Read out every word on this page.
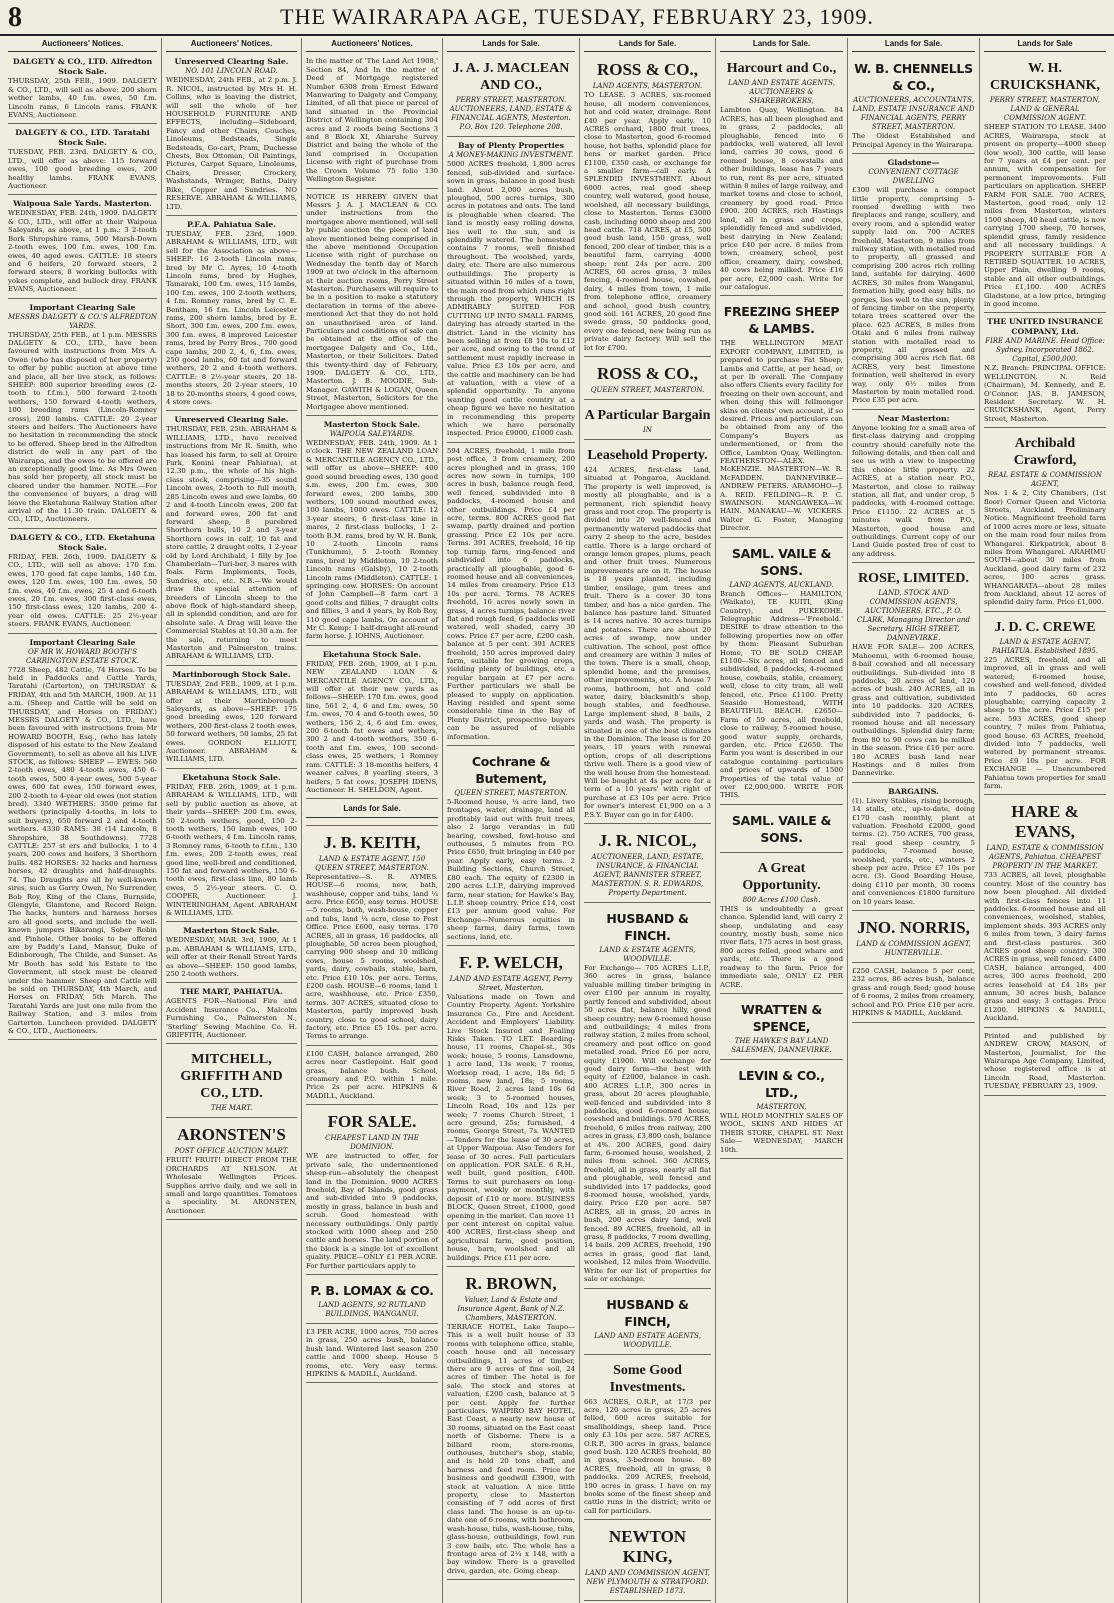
8	THE WAIRARAPA AGE, TUESDAY, FEBRUARY 23, 1909.
Auctioneers' Notices.
DALGETY & CO., LTD. Alfredton Stock Sale.
THURSDAY, 25th FEB., 1909. DALGETY & CO., LTD., will sell as above: 200 shorn wether lambs, 40 f.m. ewes, 50 f.m. Lincoln rams, 6 Lincoln rams. FRANK EVANS, Auctioneer.
DALGETY & CO., LTD. Taratahi Stock Sale.
TUESDAY, FEB. 23rd. DALGETY & CO., LTD., will offer as above: 115 forward ewes, 100 good breeding ewes, 200 healthy lambs. FRANK EVANS, Auctioneer.
Waipoua Sale Yards. Masterton.
WEDNESDAY, FEB. 24th, 1909. DALGETY & CO., LTD., will offer at their Waipoua Saleyards, as above, at 1 p.m.: 3 2-tooth Bork Shropshire rams, 500 Marsh-Down 2-tooth ewes, 100 f.m. ewes, 100 f.m. ewes, 40 aged ewes. CATTLE: 18 steers and 6 heifers, 20 forward steers, 2 forward steers, 8 working bullocks with yokes complete, and bullock dray. FRANK EVANS, Auctioneer.
Important Clearing Sale
MESSRS DALGETY & CO.'S ALFREDTON YARDS.
THURSDAY, 25th FEB., at 1 p.m. MESSRS DALGETY & CO., LTD., have been favoured with instructions from Mrs A. Owen (who has disposed of her property) to offer by public auction at above time and place, all her live stock, as follows: SHEEP: 800 superior breeding ewes (2-tooth to f.f.m.), 500 forward 2-tooth wethers, 150 forward 4-tooth wethers, 100 breeding rams (Lincoln-Romney cross), 200 lambs. CATTLE: 20 2-year steers and heifers. The Auctioneers have no hesitation in recommending the stock to be offered. Sheep bred in the Alfredton district do well in any part of the Wairarapa, and the ewes to be offered are an exceptionally good line. As Mrs Owen has sold her property, all stock must be cleared under the hammer. NOTE.—For the convenience of buyers, a drag will leave the Eketahuna Railway Station after arrival of the 11.30 train. DALGETY & CO., LTD., Auctioneers.
DALGETY & CO., LTD. Eketahuna Stock Sale.
FRIDAY, FEB. 26th, 1909. DALGETY & CO., LTD., will sell as above: 170 f.m. ewes, 170 good fat cape lambs, 140 f.m. ewes, 120 f.m. ewes, 100 f.m. ewes, 50 f.m. ewes, 40 f.m. ewes, 25 4 and 6-tooth ewes, 20 f.m. ewes, 300 first-class ewes, 150 first-class ewes, 120 lambs, 200 4-year old ewes. CATTLE: 25 2½-year steers. FRANK EVANS, Auctioneer.
Important Clearing Sale
OF MR W. HOWARD BOOTH'S CARRINGTON ESTATE STOCK.
7728 Sheep, 482 Cattle, 74 Horses. To be held in Paddocks and Cattle Yards, Taratahi (Carterton), on THURSDAY & FRIDAY, 4th and 5th MARCH, 1909. At 11 a.m. (Sheep and Cattle will be sold on THURSDAY, and Horses on FRIDAY.) MESSRS DALGETY & CO., LTD., have been favoured with instructions from Mr HOWARD BOOTH, Esq., (who has lately disposed of his estate to the New Zealand Government), to sell as above all his LIVE STOCK, as follows: SHEEP — EWES: 560 2-tooth ewes, 480 4-tooth ewes, 450 6-tooth ewes, 500 4-year ewes, 500 5-year ewes, 600 fat ewes, 150 forward ewes, 200 2-tooth to 4-year old ewes (not station bred). 3340 WETHERS: 3500 prime fat wethers (principally 4-tooths, in lots to suit buyers), 650 forward 2 and 4-tooth wethers. 4330 RAMS: 38 (14 Lincoln, 8 Shropshire, 38 Southdowns). 7728 CATTLE: 257 st ers and bullocks, 1 to 4 years, 200 cows and heifers, 3 Shorthorn bulls. 482 HORSES: 32 hacks and harness horses, 42 draughts and half-draughts. 74. The Draughts are all by well-known sires, such as Garry Owen, No Surrender, Bob Roy, King of the Clans, Burnside, Glengyle, Glamtone, and Record Reign. The hacks, hunters and harness horses are all good sorts, and include the well-known jumpers Bikarangi, Sober Robin and Pinhole. Other books to be offered are by Paddy's Land, Mansur, Duke of Edinborough, The Childe, and Sunset. As Mr Booth has sold his Estate to the Government, all stock must be cleared under the hammer. Sheep and Cattle will be sold on THURSDAY, 4th March, and Horses on FRIDAY, 5th March. The Taratahi Yards are just one mile from the Railway Station, and 3 miles from Carterton. Luncheon provided. DALGETY & CO., LTD., Auctioneers.
Auctioneers' Notices.
Unreserved Clearing Sale.
NO. 101 LINCOLN ROAD.
WEDNESDAY, 24th FEB., at 2 p.m. J. R. NICOL, instructed by Mrs H. H. Collins, who is leaving the district, will sell the whole of her HOUSEHOLD FURNITURE AND EFFECTS, including—Sideboard, Fancy and other Chairs, Couches, Linoleums, Bedsteads, Single Bedsteads, Go-cart, Pram, Duchesse Chests, Box Ottoman, Oil Paintings, Pictures, Carpet Square, Linoleums, Chairs, Dresser, Crockery, Washstands, Wringer, Baths, Dairy Bike, Copper and Sundries. NO RESERVE. ABRAHAM & WILLIAMS, LTD.
P.F.A. Pahiatua Sale.
TUESDAY, FEB. 23rd, 1909. ABRAHAM & WILLIAMS, LTD., will sell for the Association as above—SHEEP: 16 2-tooth Lincoln rams, bred by Mr C. Ayres, 10 4-tooth Lincoln rams, bred by Hughes, Tamaraki, 100 f.m. ewes, 115 lambs, 100 f.m. ewes, 100 2-tooth wethers, 4 f.m. Romney rams, bred by C. E. Bentham, 16 f.m. Lincoln Leicester rams, 200 shorn lambs, bred by E. Short, 300 f.m. ewes, 200 f.m. ewes, 300 f.m. ewes, 8 improved Leicester rams, bred by Perry Bros., 700 good cape lambs, 200 2, 4, 6, f.m. ewes, 250 good lambs, 60 fat and forward wethers, 20 2 and 4-tooth wethers. CATTLE: 8 2½-year steers, 20 18-months steers, 20 2-year steers, 10 18 to 20-months steers, 4 good cows, 4 store cows.
Unreserved Clearing Sale.
THURSDAY, FEB. 25th. ABRAHAM & WILLIAMS, LTD., have received instructions from Mr R. Smith, who has leased his farm, to sell at Oroire Park, Konini (near Pahiatua), at 12.30 p.m., the whole of his high-class stock, comprising—35 sound Lincoln ewes, 2-tooth to full mouth, 285 Lincoln ewes and ewe lambs, 60 2 and 4-tooth Lincoln ewes, 200 fat and forward ewes, 200 fat and forward sheep, 8 purebred Shorthorn bulls, 10 2 and 3-year Shorthorn cows in calf, 10 fat and store cattle, 2 draught colts, 1 2-year old by Lord Archibald, 1 filly by Joe Chamberlain—Turi-ber, 3 mares with foals. Farm Implements, Tools, Sundries, etc., etc. N.B.—We would draw the special attention of breeders of Lincoln sheep to the above flock of high-standard sheep, all in splendid condition, and are for absolute sale. A Drag will leave the Commercial Stables at 10.30 a.m. for the sale, returning to meet Masterton and Palmerston trains. ABRAHAM & WILLIAMS, LTD.
Martinborough Stock Sale.
TUESDAY, 2nd FEB., 1909, at 1 p.m. ABRAHAM & WILLIAMS, LTD., will offer at their Martinborough Saleyards, as above—SHEEP: 175 good breeding ewes, 120 forward wethers, 200 first-class 2 tooth ewes, 50 forward wethers, 50 lambs, 25 fat ewes. GORDON ELLIOTT, Auctioneer. ABRAHAM & WILLIAMS, LTD.
Eketahuna Stock Sale.
FRIDAY, FEB. 26th, 1909, at 1 p.m. ABRAHAM & WILLIAMS, LTD., will sell by public auction as above, at their yards—SHEEP: 200 f.m. ewes, 50 2-tooth wethers, good, 150 2-tooth wethers, 150 lamb ewes, 100 6-tooth wethers, 4 f.m. Lincoln rams, 3 Romney rams, 6-tooth to f.f.m., 130 f.m. ewes, 200 2-tooth ewes, real good line, well-bred and conditioned, 150 fat and forward wethers, 150 6-tooth ewes, first-class line, 80 lamb ewes, 5 2½-year steers. C. O. COOPER, Auctioneer. J. WINTERINGHAM, Agent. ABRAHAM & WILLIAMS, LTD.
Masterton Stock Sale.
WEDNESDAY, MAR. 3rd, 1909, At 1 p.m. ABRAHAM & WILLIAMS, LTD., will offer at their Renall Street Yards as above—SHEEP: 150 good lambs, 250 2-tooth wethers.
THE MART, PAHIATUA.
AGENTS FOR—National Fire and Accident Insurance Co., Malcolm Furnishing Co., Palmerston N., 'Sterling' Sewing Machine Co. H. GRIFFITH, Auctioneer.
MITCHELL, GRIFFITH AND CO., LTD.
THE MART.
ARONSTEN'S
POST OFFICE AUCTION MART.
FRUIT! FRUIT! DIRECT FROM THE ORCHARDS AT NELSON. At Wholesale Wellington Prices. Supplies arrive daily, and we sell in small and large quantities. Tomatoes a speciality. M. ARONSTEN, Auctioneer.
Auctioneers' Notices.
In the matter of 'The Land Act 1908,' Section 84, And In the matter of Deed of Mortgage registered Number 6308 from Ernest Edward Manwaring to Dalgety and Company, Limited, of all that piece or parcel of land situated in the Provincial District of Wellington containing 304 acres and 2 roods being Sections 3 and 8 Block XI, Ahiaruhe Survey District and being the whole of the land comprised in Occupation License with right of purchase from the Crown Volume 75 folio 130 Wellington Register.
NOTICE IS HEREBY GIVEN that Messrs J. A. J. MACLEAN & CO. under instructions from the mortgagee above mentioned, will sell by public auction the piece of land above mentioned being comprised in the above mentioned Occupation License with right of purchase on Wednesday the tenth day of March 1909 at two o'clock in the afternoon at their auction rooms, Perry Street Masterton. Purchasers will require to be in a position to make a statutory declaration in terms of the above-mentioned Act that they do not hold an unauthorised area of land. Particulars and conditions of sale can be obtained at the office of the mortgagee Dalgety and Co., Ltd., Masterton, or their Solicitors. Dated this twenty-third day of February, 1909. DALGETY & CO., LTD., Masterton. J. B. MOODIE, Sub-Manager. GAWITH & LOGAN, Queen Street, Masterton, Solicitors for the Mortgagee above mentioned.
Masterton Stock Sale.
WAIPOUA SALEYARDS.
WEDNESDAY, FEB. 24th, 1909. At 1 o'clock. THE NEW ZEALAND LOAN & MERCANTILE AGENCY CO., LTD., will offer as above—SHEEP: 400 good sound breeding ewes, 130 good s.m. ewes, 200 f.m. ewes, 300 forward ewes, 200 lambs, 300 wethers, 100 sound mouthed ewes, 100 lambs, 1000 ewes. CATTLE: 12 3-year steers, 6 first-class kine in mares, 2 first-class bullocks, 1 2-tooth B.M. rams, bred by W. H. Bank, 10 2-tooth Lincoln rams (Tunkhumm), 5 2-tooth Romney rams, bred by Middleton, 10 2-tooth Lincoln rams (Galsby), 10 2-tooth Lincoln rams (Middleton). CATTLE: 1 springing cow. HORSES: On account of John Campbell—8 farm cart 3 good colts and fillies, 7 draught colts and fillies, 3 and 4 years, by Rob Roy, 110 good cape lambs. On account of Mr C. Kemp: 1 half-draught all-round farm horse. J. IOHNS, Auctioneer.
Eketahuna Stock Sale.
FRIDAY, FEB. 26th, 1909, at 1 p.m. NEW ZEALAND LOAN & MERCANTILE AGENCY CO., LTD., will offer at their new yards as follows—SHEEP: 170 f.m. ewes, good line, 561 2, 4, 6 and f.m. ewes, 50 f.m. ewes, 70 4 and 6-tooth ewes, 50 wethers, 156 2, 4, 6 and f.m. ewes, 200 6-tooth fat ewes and wethers, 300 2 and 4-tooth wethers, 350 6-tooth and f.m. ewes, 100 second-class ewes, 25 wethers, 1 Romney ram. CATTLE: 3 18-months heifers, 4 weaner calves, 8 yearling steers, 3 heifers, 5 fat cows. JOSEPH IDENS, Auctioneer. H. SHELDON, Agent.
Lands for Sale.
J. B. KEITH,
LAND & ESTATE AGENT, 150 QUEEN STREET, MASTERTON.
Representative—S. R. AYMES. HOUSE—6 rooms, new, bath, washhouse, copper and tubs, land ¼ acre. Price £650, easy terms. HOUSE—5 rooms, bath, wash-house, copper and tubs, land ¼ acre, close to Post Office. Price £600, easy terms. 170 ACRES, all in grass, 16 paddocks, all ploughable, 50 acres been ploughed, carrying 900 sheep and 10 milking cows, house 5 rooms, woolshed, yards, dairy, cowbails, stable, barn, etc. Price £10 10s. per acre. Terms, £200 cash. HOUSE—6 rooms, land 1 acre, washhouse, etc. Price £350, terms. 307 ACRES, situated close to Masterton, partly improved bush country, close to good school, dairy factory, etc. Price £5 10s. per acre. Terms to arrange.
£100 CASH, balance arranged, 260 acres near Castlepoint. Half good grass, balance bush. School, creamery and P.O. within 1 mile. Price 2s per acre. HIPKINS & MADILL, Auckland.
FOR SALE.
CHEAPEST LAND IN THE DOMINION.
WE are instructed to offer, for private sale, the undermentioned sheep-run—absolutely the cheapest land in the Dominion. 9000 ACRES freehold, Bay of Islands, good grass and sub-divided into 9 paddocks, mostly in grass, balance in bush and scrub. Good homestead with necessary outbuildings. Only partly stocked with 1000 sheep and 250 cattle and horses. The land portion of the block is a single lot of excellent quality. PRICE—ONLY £1 PER ACRE. For further particulars apply to
P. B. LOMAX & CO.
LAND AGENTS, 92 RUTLAND BUILDINGS, WANGANUI.
£3 PER ACRE, 1000 acres, 750 acres in grass, 250 acres bush, balance bush land. Wintered last season 250 cattle and 1000 sheep. House 5 rooms, etc. Very easy terms. HIPKINS & MADILL, Auckland.
Lands for Sale.
J. A. J. MACLEAN AND CO.,
PERRY STREET, MASTERTON. AUCTIONEERS, LAND, ESTATE & FINANCIAL AGENTS, Masterton. P.O. Box 120. Telephone 208.
Bay of Plenty Properties
A MONEY-MAKING INVESTMENT.
5000 ACRES freehold, 1,800 acres fenced, sub-divided and surface-sown in grass, balance in good bush land. About 2,000 acres bush, ploughed, 500 acres turnips, 300 acres in potatoes and oats. The land is ploughable when cleared. The land is mostly easy rolling downs, lies well to the sun, and is splendidly watered. The homestead contains 7 rooms, well finished throughout. The woolshed, yards, dairy, etc. There are also numerous outbuildings. The property is situated within 16 miles of a town, the main road from which runs right through the property, WHICH IS ADMIRABLY SUITED FOR CUTTING UP INTO SMALL FARMS, dairying has already started in the district. Land in the vicinity has been selling at from £8 10s to £12 per acre, and owing to the trend of settlement must rapidly increase in value. Price £3 10s per acre, and the cattle and machinery can be had at valuation, with a view of a splendid opportunity. To anyone wanting good cattle country at a cheap figure we have no hesitation in recommending this property which we have personally inspected. Price £9000, £1000 cash.
594 ACRES, freehold, 1 mile from post office, 3 from creamery, 200 acres ploughed and in grass, 100 acres now sown in turnips, 100 acres in bush, balance rough feed, well fenced, subdivided into 8 paddocks, 4-roomed house and other outbuildings. Price £4 per acre, terms. 800 ACRES good flat swamp, partly drained and portion grassing. Price £2 10s per acre. Terms. 391 ACRES, freehold, 16 tip top turnip farm, ring-fenced and subdivided into 6 paddocks, practically all ploughable, good 6-roomed house and all conveniences, 14 miles from creamery. Price £13 10s per acre. Terms. 78 ACRES freehold, 16 acres newly sown in grass, 4 acres turnips, balance river flat and rough feed, 6 paddocks well watered, well shaded, carry 30 cows. Price £7 per acre, £200 cash, balance at 5 per cent. 391 ACRES freehold, 150 acres improved dairy farm, suitable for growing crops, yielding plenty of buildings, etc. a regular bargain at £7 per acre. Further particulars we shall be pleased to supply on application. Having resided and spent some considerable time in the Bay of Plenty District, prospective buyers can be assured of reliable information.
Cochrane & Butement,
QUEEN STREET, MASTERTON.
5-Roomed house, ¼ acre land, two frontages, water, drainage, land all profitably laid out with fruit trees, also 2 large verandas in full bearing, cowshed, fowl-house and outhouses, 5 minutes from P.O. Price £650, fruit bringing in £40 per year. Apply early, easy terms. 2 Building Sections, Church Street, £80 each. The equity of £2300 in 200 acres L.I.P., dairying improved farm, near station; for Hawke's Bay, L.I.P. sheep country. Price £14, cost £13 per annum good value. For Exchange—Numerous equities in sheep farms, dairy farms, town sections, land, etc.
F. P. WELCH,
LAND AND ESTATE AGENT, Perry Street, Masterton.
Valuations made on Town and Country Property. Agent: Yorkshire Insurance Co., Fire and Accident. Accident and Employers' Liability. Live Stock Insured and Foaling Risks Taken. TO LET. Boarding-house, 11 rooms, Chapel-st., 30s week; house, 5 rooms, Lansdowne, 1 acre land, 13s week; 7 rooms, Worksop road, 1 acre, 18s 6d; 5 rooms, new land, 18s; 5 rooms, River Road, 2 acres land 10s 6d week; 3 to 5-roomed houses, Lincoln Road, 10s and 12s per week; 7 rooms Church Street, 1 acre ground, 25s; furnished, 4 rooms, George Street, 7s. WANTED—Tenders for the lease of 30 acres, at Upper Waipoua. Also Tenders for lease of 30 acres. Full particulars on application. FOR SALE. 6 R.H., well built, good position, £400. Terms to suit purchasers on long-payment, weekly or monthly, with deposit of £10 or more. BUSINESS BLOCK, Queen Street, £1000, good opening in the market. Can move 11 per cent interest on capital value. 400 ACRES, first-class sheep and agricultural farm, good position, house, barn, woolshed and all buildings. Price £11 per acre.
R. BROWN,
Valuer, Land & Estate and Insurance Agent, Bank of N.Z. Chambers, MASTERTON.
TERRACE HOTEL, Lake Taupo—This is a well built house of 33 rooms with telephone office, stable, coach house and all necessary outbuildings, 11 acres of timber, there are 9 acres of fine soil, 24 acres of timber. The hotel is for sale. The stock and stores at valuation, £200 cash, balance at 5 per cent. Apply for further particulars. WAIPIRO BAY HOTEL, East Coast, a nearly new house of 30 rooms, situated on the East coast north of Gisborne. There is a billiard room, store-rooms, outhouses, butcher's shop, stable, and is held 20 tons chaff, and harness and feed room. Price for business and goodwill £3900, with stock at valuation. A nice little property, close to Masterton consisting of 7 odd acres of first class land. The house is an up-to-date one of 6 rooms, with bathroom, wash-house, tubs, wash-house, tubs, glass-house, outbuildings, fowl run 3 cow bails, etc. The whole has a frontage area of 2¼ x 148, with a bay window. There is a gravelled drive, garden, etc. Going cheap.
Lands for Sale.
ROSS & CO.,
LAND AGENTS, MASTERTON.
TO LEASE. 3 ACRES, six-roomed house, all modern conveniences, hot and cold water, drainage. Rent £40 per year. Apply early. 10 ACRES orchard, 1800 fruit trees, close to Masterton, good 6-roomed house, hot baths, splendid place for hens or market garden. Price £1100, £350 cash, or exchange for a smaller farm—call early. A SPLENDID INVESTMENT. About 6000 acres, real good sheep country, well watered, good house, woolshed, all necessary buildings, close to Masterton. Terms £3000 cash, including 6000 sheep and 200 head cattle. 718 ACRES, at £5, 500 good bush land, 150 grass, well fenced, 200 clear of timber, this is a beautiful farm, carrying 4000 sheep; rent 24s per acre. 200 ACRES, 60 acres grass, 3 miles fencing, 4-roomed house, cowshed, dairy, 4 miles from town, 1 mile from telephone office, creamery and school, good bush country, good soil. 161 ACRES, 20 good fine swede grass, 50 paddocks good, every one fenced, new being run as private dairy factory. Will sell the lot for £700.
ROSS & CO.,
QUEEN STREET, MASTERTON.
A Particular Bargain
IN
Leasehold Property.
424 ACRES, first-class land, situated at Pongaroa, Auckland. The property is well improved, is mostly all ploughable, and is a permanent, rich splendid heavy grass and root crop. The property is divided into 20 well-fenced and permanently watered paddocks that carry 2 sheep to the acre, besides cattle. There is a large orchard of orange lemon grapes, plums, peach and other fruit trees. Numerous improvements are on it. The house is 18 years planted, including timber, ensilage, gum trees and fruit. There is a cover 30 tons timber, and has a nice garden. The balance has pasture land. Situated is 14 acres native. 30 acres turnips and potatoes. There are about 20 acres of swamp, now under cultivation. The school, post office and creamery are within 3 miles of the town. There is a small, cheap, splendid home, and the premises, other improvements, etc. A house 7 rooms, bathroom, hot and cold water, dairy, blacksmith's shop, bough stables, and feedhouse. Large implement shed, 8 bails, 2 yards and wash. The property is situated in one of the best climates in the Dominion. The lease is for 20 years, 10 years with renewal option, crops of all descriptions thrive well. There is a good view of the well house from the homestead. Will be bought at 4s per acre for a term of a 10 years' with right of purchase at £3 10s per acre. Price for owner's interest £1,900 on a 3 P.S.Y. Buyer can go in for £400.
J. R. NICOL,
AUCTIONEER, LAND, ESTATE, INSURANCE, & FINANCIAL AGENT, BANNISTER STREET, MASTERTON. S. R. EDWARDS, Property Department.
HUSBAND & FINCH.
LAND & ESTATE AGENTS, WOODVILLE.
For Exchange— 705 ACRES L.I.P., 360 acres in grass, balance valuable milling timber bringing in over £100 per annum in royalty, partly fenced and subdivided, about 50 acres flat, balance hilly, good sheep country; new 6-roomed house and outbuildings; 4 miles from railway station, 2 miles from school, creamery and post office on good metalled road. Price £6 per acre, equity £1900. Will exchange for good dairy farm—the best with equity of £2000, balance in cash. 400 ACRES L.I.P., 300 acres in grass, about 20 acres ploughable, well-fenced and subdivided into 8 paddocks, good 6-roomed house, cowshed and buildings. 570 ACRES, freehold, 6 miles from railway, 200 acres in grass, £3,800 cash, balance at 4%. 200 ACRES, good dairy farm, 6-roomed house, woolshed, 2 miles from school. 360 ACRES, freehold, all in grass, nearly all flat and ploughable, well fenced and subdivided into 17 paddocks, good 8-roomed house, woolshed, yards, dairy. Price £20 per acre. 587 ACRES, all in grass, 20 acres in bush, 200 acres dairy land, well fenced. 89 ACRES, freehold, all in grass, 8 paddocks, 7 room dwelling, 14 bails. 209 ACRES, freehold, 190 acres in grass, good flat land, woolshed, 12 miles from Woodville. Write for our list of properties for sale or exchange.
HUSBAND & FINCH,
LAND AND ESTATE AGENTS, WOODVILLE.
Some Good Investments.
663 ACRES, O.R.P., at 17/3 per acre, 120 acres in grass, 25 acres felled, 600 acres suitable for smallholdings, sheep land. Price only £3 10s per acre. 587 ACRES, O.R.P., 300 acres in grass, balance good bush. 120 ACRES freehold, 80 in grass, 3-bedroom house. 89 ACRES, freehold, all in grass, 8 paddocks. 209 ACRES, freehold, 190 acres in grass. I have on my books some of the finest sheep and cattle runs in the district; write or call for particulars.
NEWTON KING,
LAND AND COMMISSION AGENT, NEW PLYMOUTH & STRATFORD. ESTABLISHED 1873.
Lands for Sale.
Harcourt and Co.,
LAND AND ESTATE AGENTS, AUCTIONEERS & SHAREBROKERS,
Lambton Quay, Wellington. 84 ACRES, has all been ploughed and in grass, 2 paddocks, all ploughable, fenced into 6 paddocks, well watered, all level land, carries 30 cows, good 6 roomed house, 8 cowstalls and other buildings, lease has 7 years to run, rent 8s per acre, situated within 8 miles of large railway, and market towns and close to school, creamery by good road. Price £900. 200 ACRES, rich Hastings land, all in grass and crops, splendidly fenced and subdivided, best dairying in New Zealand; price £40 per acre. 8 miles from town, creamery, school, post office, creamery, dairy, cowshed, 40 cows being milked. Price £16 per acre, £2,000 cash. Write for our catalogue.
FREEZING SHEEP & LAMBS.
THE WELLINGTON MEAT EXPORT COMPANY, LIMITED, is prepared to purchase Fat Sheep, Lambs and Cattle, at per head, or at per lb overall. The Company also offers Clients every facility for freezing on their own account, and when doing this will fellmonger skins on clients' own account, if so desired. Prices and particulars can be obtained from any of the Company's Buyers as undermentioned, or from the Office, Lambton Quay, Wellington. FEATHERSTON—ALEX. McKENZIE. MASTERTON—W. R. McFADDEN. DANNEVIRKE—ANDREW PETERS. ARAMOHO—J. A. REID. FEILDING—R. P. C. SWAINSON. MANGAWEKA—W. HAIN. MANAKAU—W. VICKERS. Walter G. Foster, Managing Director.
SAML. VAILE & SONS.
LAND AGENTS, AUCKLAND.
Branch Offices— HAMILTON, (Waikato), TE KUITI, (King Country), and PUKEKOHE. Telegraphic Address—'Freehold.' DESIRE to draw attention to the following properties now on offer by them: Pleasant Suburban Home, TO BE SOLD CHEAP. £1100—Six acres, all fenced and subdivided, 8 paddocks, 4-roomed house, cowbails, stable, creamery, well, close to city tram, all well fenced, etc. Price £1100. Pretty Seaside Homestead, WITH BEAUTIFUL BEACH. £2650—Farm of 59 acres, all freehold, close to railway, 5-roomed house, good water supply, orchards, garden, etc. Price £2650. The Farm you want is described in our catalogue containing particulars and prices of upwards of 1500 Properties of the total value of over £2,000,000. WRITE FOR THIS.
SAML. VAILE & SONS.
A Great Opportunity.
800 Acres £100 Cash.
THIS is undoubtedly a great chance. Splendid land, will carry 2 sheep, undulating and easy country, mostly bush, some nice river flats, 175 acres in best grass, 800 acres felled, good whare and yards, etc. There is a good roadway to the farm. Price for immediate sale, ONLY £2 PER ACRE.
WRATTEN & SPENCE,
THE HAWKE'S BAY LAND SALESMEN, DANNEVIRKE.
LEVIN & CO., LTD.,
MASTERTON,
WILL HOLD MONTHLY SALES OF WOOL, SKINS AND HIDES AT THEIR STORE, CHAPEL ST. Next Sale— WEDNESDAY, MARCH 10th.
Lands for Sale.
W. B. CHENNELLS & CO.,
AUCTIONEERS, ACCOUNTANTS, LAND, ESTATE INSURANCE AND FINANCIAL AGENTS, PERRY STREET, MASTERTON.
The Oldest Established and Principal Agency in the Wairarapa.
Gladstone—
CONVENIENT COTTAGE DWELLING
£300 will purchase a compact little property, comprising 5-roomed dwelling with two fireplaces and range, scullery, and every room, and a splendid water supply laid on. 700 ACRES freehold, Masterton, 9 miles from railway station, with metalled road to property, all grassed and comprising 200 acres rich rolling land, suitable for dairying. 4600 ACRES, 30 miles from Wanganui, formation hilly, good easy hills, no gorges, lies well to the sun, plenty of fencing timber on the property, totara trees scattered over the place. 625 ACRES, 8 miles from Otaki and 6 miles from railway station with metalled road to property, all grassed and comprising 300 acres rich flat. 68 ACRES, very best limestone formation, well sheltered in every way, only 6½ miles from Masterton by main metalled road. Price £35 per acre.
Near Masterton:
Anyone looking for a small area of first-class dairying and cropping country should carefully note the following details, and then call and see us with a view to inspecting this choice little property. 22 ACRES, at a station near P.O., Masterton, and close to railway station, all flat, and under crop, 5 paddocks, with 4-roomed cottage. Price £1150. 22 ACRES at 5 minutes walk from P.O., Masterton, good house and outbuildings. Current copy of our Land Guide posted free of cost to any address.
ROSE, LIMITED.
LAND, STOCK AND COMMISSION AGENTS, AUCTIONEERS, ETC., P. O. CLARK, Managing Director and Secretary. HIGH STREET, DANNEVIRKE.
HAVE FOR SALE— 200 ACRES, Mahoenui, with 6-roomed house, 8-bail cowshed and all necessary outbuildings. Sub-divided into 8 paddocks, 20 acres of land, 120 acres of bush. 240 ACRES, all in grass and cultivation, subdivided into 10 paddocks. 320 ACRES, subdivided into 7 paddocks, 6-roomed house and all necessary outbuildings. Splendid dairy farm; from 80 to 90 cows can be milked in the season. Price £16 per acre. 180 ACRES bush land near Hastings and 8 miles from Dannevirke.
BARGAINS.
(1). Livery Stables, rising borough, 14 stalls, etc., up-to-date, doing £170 cash monthly, plant at valuation. Freehold £2000, good terms. (2). 750 ACRES, 700 grass, real good sheep country, 5 paddocks, 7-roomed house, woolshed, yards, etc., winters 2 sheep per acre. Price £7 10s per acre. (3). Good Boarding House, doing £110 per month, 30 rooms and conveniences £1800 furniture on 10 years lease.
JNO. NORRIS,
LAND & COMMISSION AGENT, HUNTERVILLE.
£250 CASH, balance 5 per cent, 232 acres, 86 acres bush, balance grass and rough feed; good house of 6 rooms, 2 miles from creamery, school and P.O. Price £10 per acre. HIPKINS & MADILL, Auckland.
Lands for Sale
W. H. CRUICKSHANK,
PERRY STREET, MASTERTON, LAND & GENERAL COMMISSION AGENT.
SHEEP STATION TO LEASE. 3400 ACRES, Wairarapa, stock at present on property—4000 sheep (low wool), 300 cattle, will lease for 7 years at £4 per cent. per annum, with compensation for permanent improvements. Full particulars on application. SHEEP FARM FOR SALE. 700 ACRES, Masterton, good road, only 12 miles from Masterton, winters 1500 sheep, 40 head cattle, is now carrying 1700 sheep, 70 horses, splendid grass, family residence and all necessary buildings. A PROPERTY SUITABLE FOR A RETIRED SQUATTER. 10 ACRES, Upper Plain, dwelling 9 rooms, stable and all other outbuildings. Price £1,100. 400 ACRES Gladstone, at a low price, bringing in good income.
THE UNITED INSURANCE COMPANY, Ltd.
FIRE AND MARINE. Head Office: Sydney. Incorporated 1862. Capital, £500,000.
N.Z. Branch: PRINCIPAL OFFICE: WELLINGTON. N. Reid (Chairman), M. Kennedy, and E. O'Connor. JAS. B. JAMESON, Resident Secretary. W. H. CRUICKSHANK, Agent, Perry Street, Masterton.
Archibald Crawford,
REAL ESTATE & COMMISSION AGENT,
Nos. 1 & 2, City Chambers, (1st floor) Corner Queen and Victoria Streets, Auckland. Preliminary Notice. Magnificent freehold farm of 1000 acres more or less, situate on the main road four miles from Whangarei. Kirkpatrick, about 8 miles from Whangarei. ARAHIMU SOUTH—about 30 miles from Auckland, good dairy farm of 232 acres, 100 acres grass. WHANGARATA—about 28 miles from Auckland, about 12 acres of splendid dairy farm. Price £1,000.
J. D. C. CREWE
LAND & ESTATE AGENT, PAHIATUA. Established 1895.
225 ACRES, freehold, and all improved, all in grass and well watered; 6-roomed house, cowshed and well-fenced, divided into 7 paddocks, 60 acres ploughable; carrying capacity 2 sheep to the acre. Price £15 per acre. 593 ACRES, good sheep country, 7 miles from Pahiatua, good house. 63 ACRES, freehold, divided into 7 paddocks, well watered by permanent streams. Price £9 10s per acre. FOR EXCHANGE — Unencumbered Pahiatua town properties for small farm.
HARE & EVANS,
LAND, ESTATE & COMMISSION AGENTS, Pahiatua. CHEAPEST PROPERTY IN THE MARKET.
733 ACRES, all level, ploughable country. Most of the country has now been ploughed. All divided with first-class fences into 11 paddocks. 6-roomed house and all conveniences, woolshed, stables, implement sheds. 393 ACRES only 6 miles from town, 3 dairy farms and first-class pastures. 360 ACRES good sheep country. 300 ACRES in grass, well fenced. £400 CASH, balance arranged, 400 acres, 300 acres freehold, 200 acres leasehold at £4 18s per annum, 30 acres bush, balance grass and easy; 3 cottages. Price £1200. HIPKINS & MADILL, Auckland.
Printed and published by ANDREW CROW, MASON, of Masterton, Journalist, for the Wairarapa Age Company, Limited, whose registered office is at Lincoln Road, Masterton. TUESDAY, FEBRUARY 23, 1909.
